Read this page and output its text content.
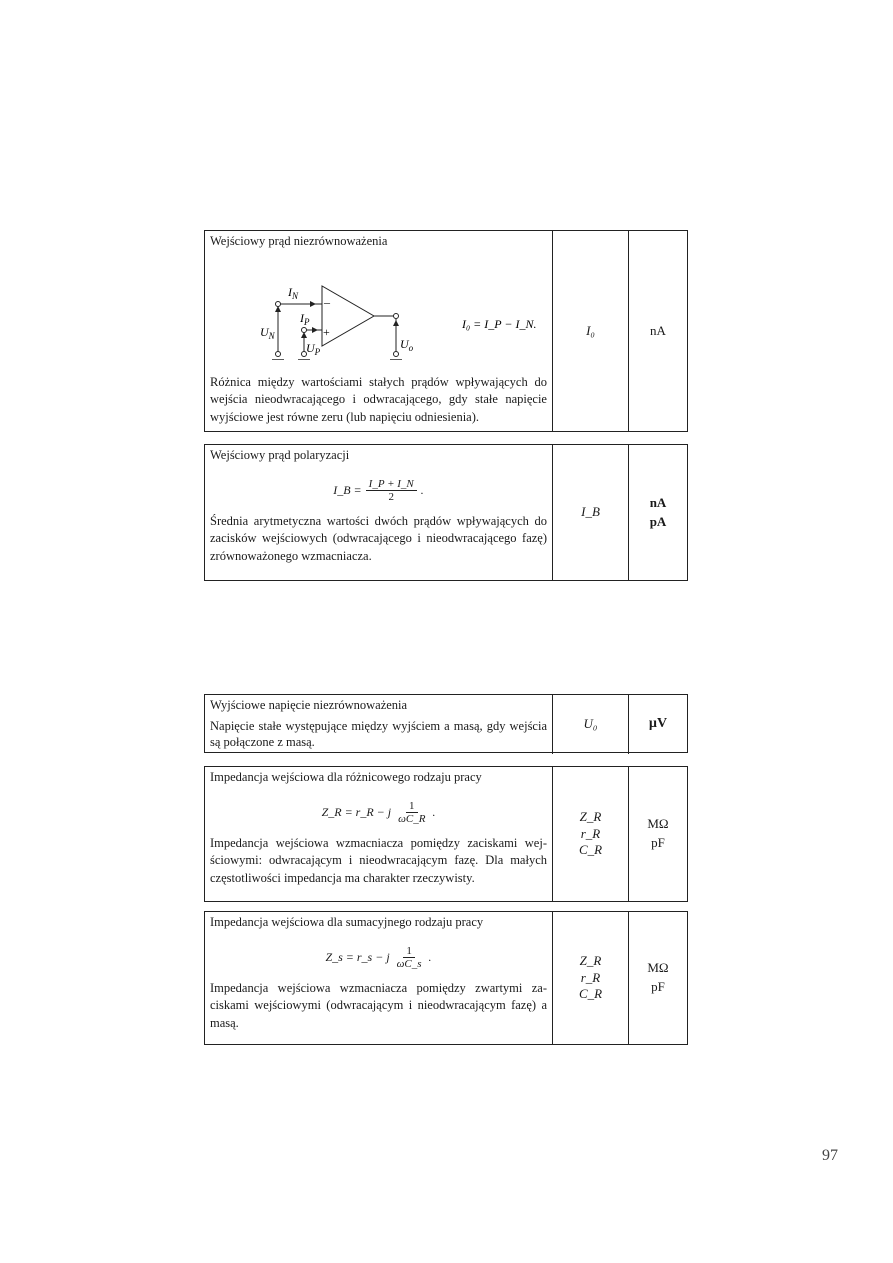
Wejściowy prąd niezrównoważenia
–
+
$I_N$
$I_P$
$U_N$
$U_P$
$U_o$
I₀ = I_P − I_N.
Różnica między wartościami stałych prądów wpływających do wejścia nieodwracającego i odwracającego, gdy stałe napięcie wyjściowe jest równe zeru (lub napięciu odniesienia).
I₀	nA
Wejściowy prąd polaryzacji
I_B = $\frac{I\_P + I\_N}{2}$ .
Średnia arytmetyczna wartości dwóch prądów wpływających do zacisków wejściowych (odwracającego i nieodwracającego fazę) zrównoważonego wzmacniacza.
I_B
nA
pA
Wyjściowe napięcie niezrównoważenia
Napięcie stałe występujące między wyjściem a masą, gdy wejścia są połączone z masą.
U₀	µV
Impedancja wejściowa dla różnicowego rodzaju pracy
Z_R = r_R − j $\frac{1}{\omega C\_R}$ .
Impedancja wejściowa wzmacniacza pomiędzy zaciskami wej-ściowymi: odwracającym i nieodwracającym fazę. Dla małych częstotliwości impedancja ma charakter rzeczywisty.
Z_R
r_R
C_R
MΩ
pF
Impedancja wejściowa dla sumacyjnego rodzaju pracy
Z_s = r_s − j $\frac{1}{\omega C\_s}$ .
Impedancja wejściowa wzmacniacza pomiędzy zwartymi za-ciskami wejściowymi (odwracającym i nieodwracającym fazę) a masą.
Z_R
r_R
C_R
MΩ
pF
97
